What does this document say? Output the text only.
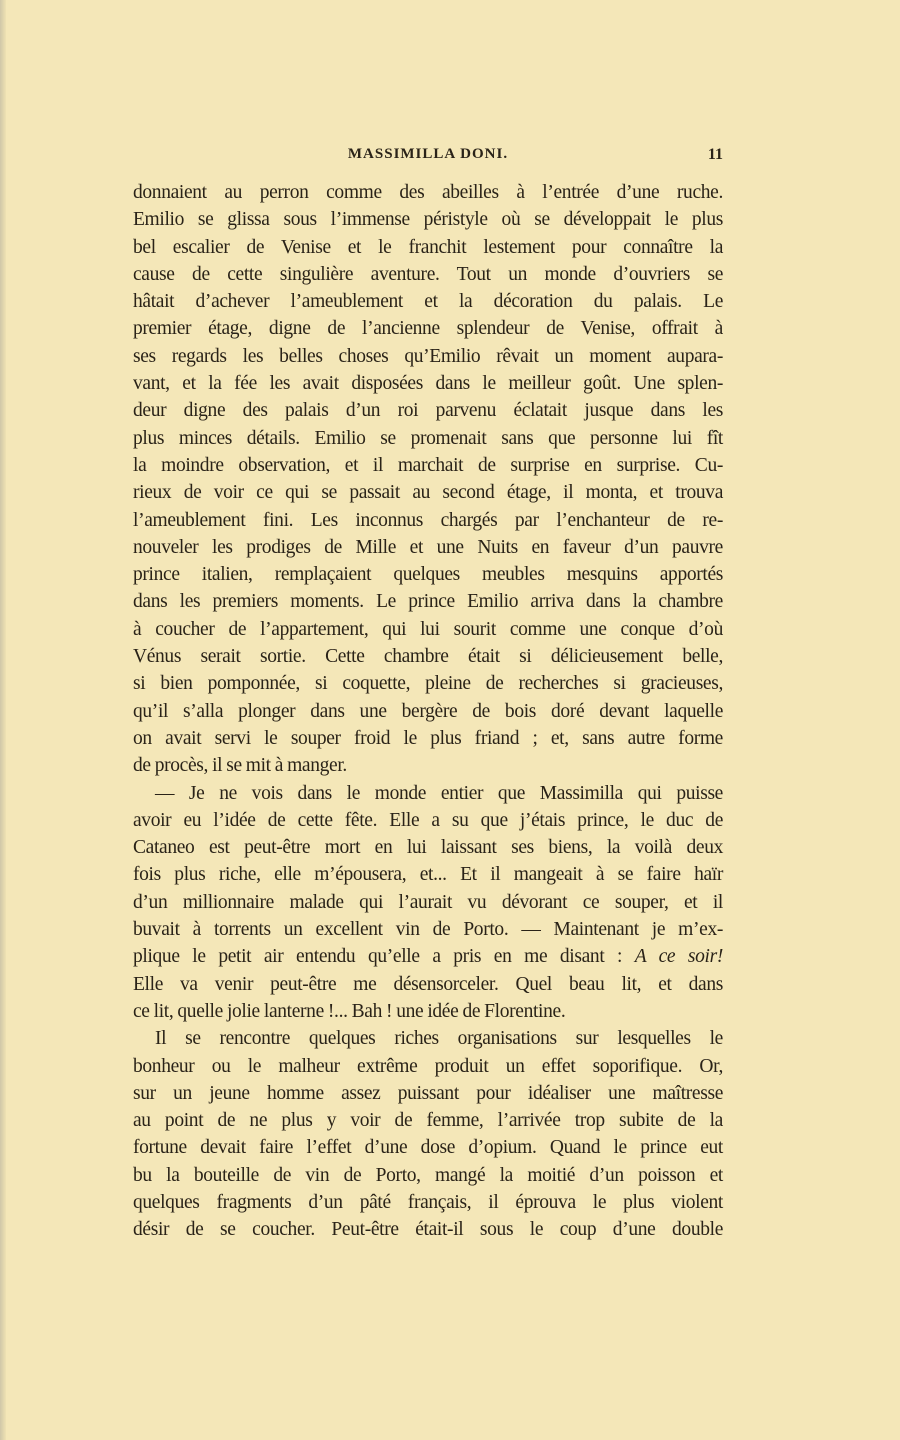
MASSIMILLA DONI.	11
donnaient au perron comme des abeilles à l’entrée d’une ruche.
Emilio se glissa sous l’immense péristyle où se développait le plus
bel escalier de Venise et le franchit lestement pour connaître la
cause de cette singulière aventure. Tout un monde d’ouvriers se
hâtait d’achever l’ameublement et la décoration du palais. Le
premier étage, digne de l’ancienne splendeur de Venise, offrait à
ses regards les belles choses qu’Emilio rêvait un moment aupara-
vant, et la fée les avait disposées dans le meilleur goût. Une splen-
deur digne des palais d’un roi parvenu éclatait jusque dans les
plus minces détails. Emilio se promenait sans que personne lui fît
la moindre observation, et il marchait de surprise en surprise. Cu-
rieux de voir ce qui se passait au second étage, il monta, et trouva
l’ameublement fini. Les inconnus chargés par l’enchanteur de re-
nouveler les prodiges de Mille et une Nuits en faveur d’un pauvre
prince italien, remplaçaient quelques meubles mesquins apportés
dans les premiers moments. Le prince Emilio arriva dans la chambre
à coucher de l’appartement, qui lui sourit comme une conque d’où
Vénus serait sortie. Cette chambre était si délicieusement belle,
si bien pomponnée, si coquette, pleine de recherches si gracieuses,
qu’il s’alla plonger dans une bergère de bois doré devant laquelle
on avait servi le souper froid le plus friand ; et, sans autre forme
de procès, il se mit à manger.
— Je ne vois dans le monde entier que Massimilla qui puisse
avoir eu l’idée de cette fête. Elle a su que j’étais prince, le duc de
Cataneo est peut-être mort en lui laissant ses biens, la voilà deux
fois plus riche, elle m’épousera, et... Et il mangeait à se faire haïr
d’un millionnaire malade qui l’aurait vu dévorant ce souper, et il
buvait à torrents un excellent vin de Porto. — Maintenant je m’ex-
plique le petit air entendu qu’elle a pris en me disant : A ce soir!
Elle va venir peut-être me désensorceler. Quel beau lit, et dans
ce lit, quelle jolie lanterne !... Bah ! une idée de Florentine.
Il se rencontre quelques riches organisations sur lesquelles le
bonheur ou le malheur extrême produit un effet soporifique. Or,
sur un jeune homme assez puissant pour idéaliser une maîtresse
au point de ne plus y voir de femme, l’arrivée trop subite de la
fortune devait faire l’effet d’une dose d’opium. Quand le prince eut
bu la bouteille de vin de Porto, mangé la moitié d’un poisson et
quelques fragments d’un pâté français, il éprouva le plus violent
désir de se coucher. Peut-être était-il sous le coup d’une double
